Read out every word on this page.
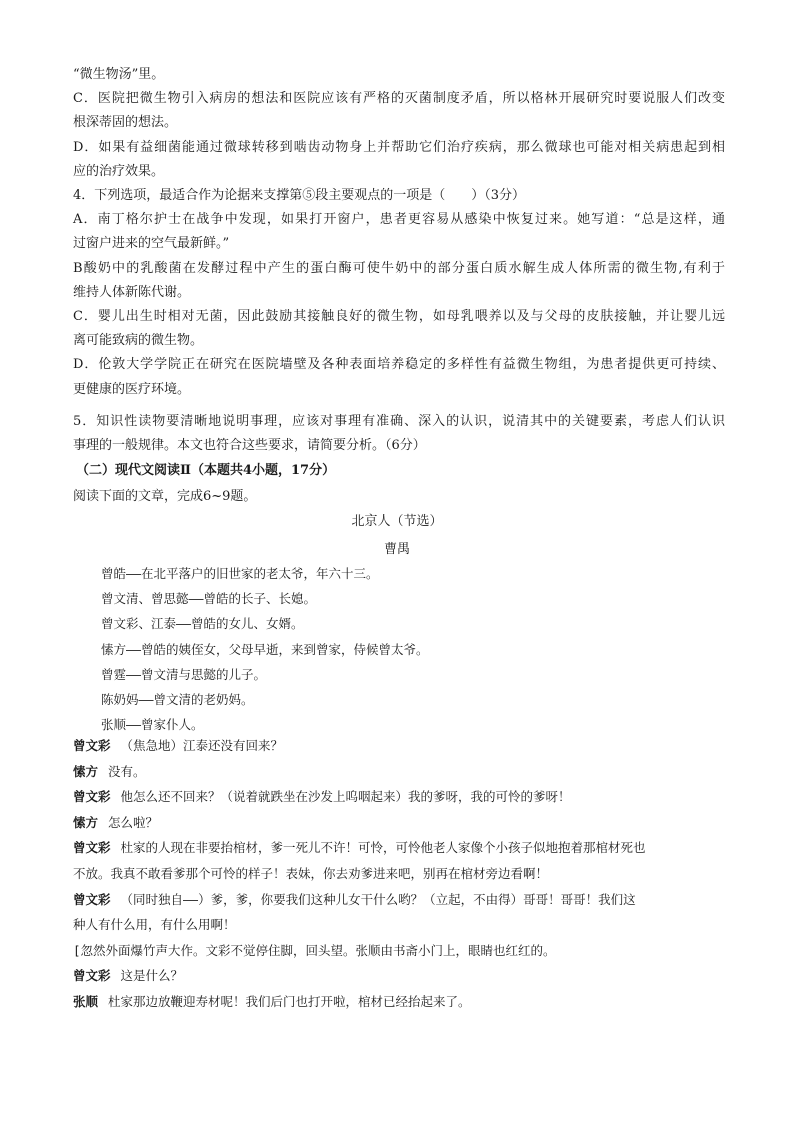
“微生物汤”里。

C．医院把微生物引入病房的想法和医院应该有严格的灭菌制度矛盾，所以格林开展研究时要说服人们改变

根深蒂固的想法。

D．如果有益细菌能通过微球转移到啮齿动物身上并帮助它们治疗疾病，那么微球也可能对相关病患起到相

应的治疗效果。

4．下列选项，最适合作为论据来支撑第⑤段主要观点的一项是（　　）（3分）

A．南丁格尔护士在战争中发现，如果打开窗户，患者更容易从感染中恢复过来。她写道：“总是这样，通

过窗户进来的空气最新鲜。”

B酸奶中的乳酸菌在发酵过程中产生的蛋白酶可使牛奶中的部分蛋白质水解生成人体所需的微生物,有利于

维持人体新陈代谢。

C．婴儿出生时相对无菌，因此鼓励其接触良好的微生物，如母乳喂养以及与父母的皮肤接触，并让婴儿远

离可能致病的微生物。

D．伦敦大学学院正在研究在医院墙壁及各种表面培养稳定的多样性有益微生物组，为患者提供更可持续、

更健康的医疗环境。

5．知识性读物要清晰地说明事理，应该对事理有准确、深入的认识，说清其中的关键要素，考虑人们认识

事理的一般规律。本文也符合这些要求，请简要分析。（6分）

（二）现代文阅读Ⅱ（本题共4小题，17分）
阅读下面的文章，完成6~9题。
北京人（节选）
曹禺

曾皓——在北平落户的旧世家的老太爷，年六十三。

曾文清、曾思懿——曾皓的长子、长媳。

曾文彩、江泰——曾皓的女儿、女婿。

愫方——曾皓的姨侄女，父母早逝，来到曾家，侍候曾太爷。

曾霆——曾文清与思懿的儿子。

陈奶妈——曾文清的老奶妈。

张顺——曾家仆人。

曾文彩 （焦急地）江泰还没有回来？

愫方 没有。

曾文彩 他怎么还不回来？（说着就跌坐在沙发上呜咽起来）我的爹呀，我的可怜的爹呀！

愫方 怎么啦？

曾文彩 杜家的人现在非要抬棺材，爹一死儿不许！可怜，可怜他老人家像个小孩子似地抱着那棺材死也

不放。我真不敢看爹那个可怜的样子！表妹，你去劝爹进来吧，别再在棺材旁边看啊！

曾文彩 （同时独自——）爹，爹，你要我们这种儿女干什么哟？（立起，不由得）哥哥！哥哥！我们这

种人有什么用，有什么用啊！

[忽然外面爆竹声大作。文彩不觉停住脚，回头望。张顺由书斋小门上，眼睛也红红的。

曾文彩 这是什么？

张顺 杜家那边放鞭迎寿材呢！我们后门也打开啦，棺材已经抬起来了。
